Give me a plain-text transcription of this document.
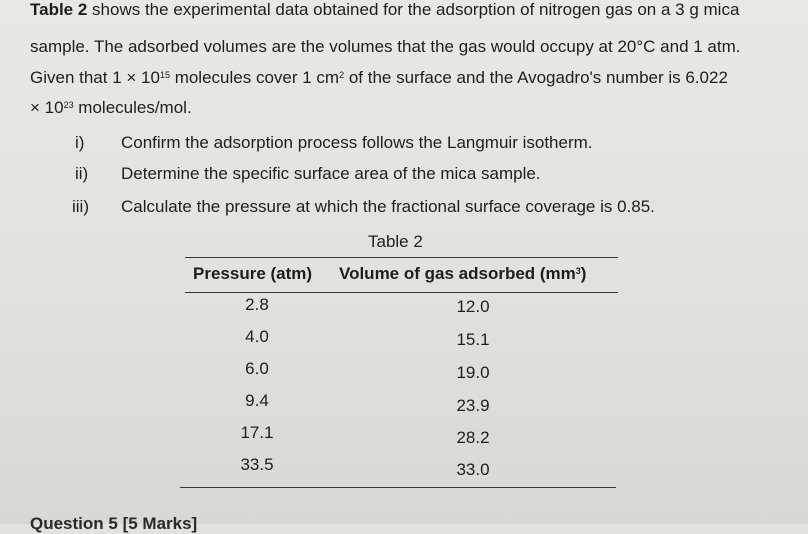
Table 2 shows the experimental data obtained for the adsorption of nitrogen gas on a 3 g mica
sample. The adsorbed volumes are the volumes that the gas would occupy at 20°C and 1 atm.
Given that $1 \times 10^{15}$ molecules cover 1 $cm^2$ of the surface and the Avogadro's number is 6.022
× $10^{23}$ molecules/mol.
i) Confirm the adsorption process follows the Langmuir isotherm.
ii) Determine the specific surface area of the mica sample.
iii) Calculate the pressure at which the fractional surface coverage is 0.85.
Table 2
Pressure (atm) Volume of gas adsorbed $(mm^3)$
2.8	12.0
4.0	15.1
6.0	19.0
9.4	23.9
17.1	28.2
33.5	33.0
Question 5 [5 Marks]
